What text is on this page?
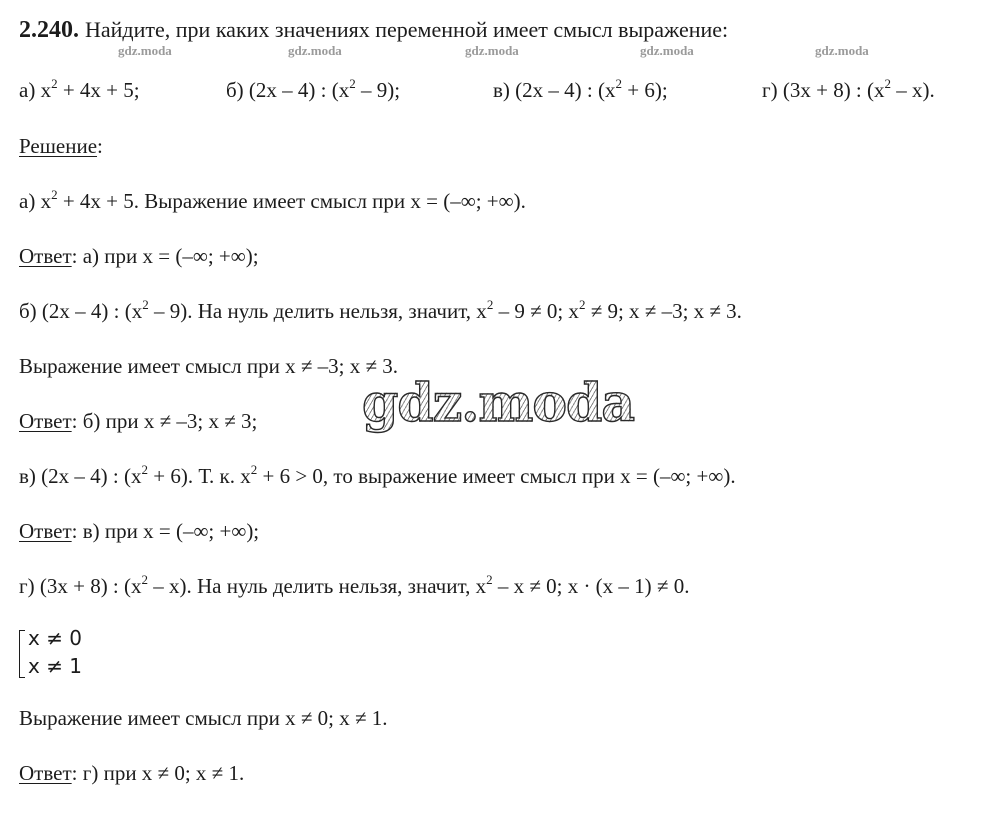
2.240. Найдите, при каких значениях переменной имеет смысл выражение:
gdz.moda	gdz.moda	gdz.moda	gdz.moda	gdz.moda
а) $x^2 + 4x + 5$;	б) (2x – 4) : $(x^2 - 9)$;	в) (2x – 4) : $(x^2 + 6)$;	г) (3x + 8) : $(x^2 - x)$.
Решение:
а) $x^2 + 4x + 5$. Выражение имеет смысл при x = (–∞; +∞).
Ответ: а) при x = (–∞; +∞);
б) (2x – 4) : $(x^2 - 9)$. На нуль делить нельзя, значит, $x^2 - 9 \ne 0$; $x^2 \ne 9$; x ≠ –3; x ≠ 3.
Выражение имеет смысл при x ≠ –3; x ≠ 3.
Ответ: б) при x ≠ –3; x ≠ 3; gdz.moda
в) (2x – 4) : $(x^2 + 6)$. Т. к. $x^2 + 6 > 0$, то выражение имеет смысл при x = (–∞; +∞).
Ответ: в) при x = (–∞; +∞);
г) (3x + 8) : $(x^2 - x)$. На нуль делить нельзя, значит, $x^2 - x \ne 0$; x · (x – 1) ≠ 0.
x ≠ 0
x ≠ 1
Выражение имеет смысл при x ≠ 0; x ≠ 1.
Ответ: г) при x ≠ 0; x ≠ 1.
